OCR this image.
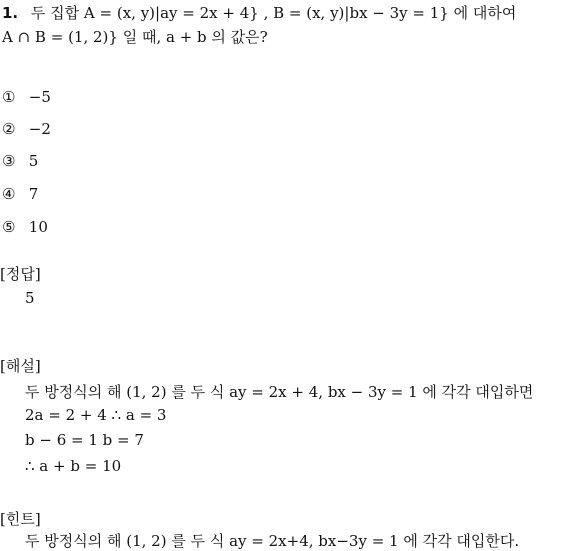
1. 두 집합 A = (x, y)|ay = 2x + 4} , B = (x, y)|bx − 3y = 1} 에 대하여
A ∩ B = (1, 2)} 일 때, a + b 의 값은?
① −5
② −2
③ 5
④ 7
⑤ 10
[정답]
5
[해설]
두 방정식의 해 (1, 2) 를 두 식 ay = 2x + 4, bx − 3y = 1 에 각각 대입하면
2a = 2 + 4 ∴ a = 3
b − 6 = 1 b = 7
∴ a + b = 10
[힌트]
두 방정식의 해 (1, 2) 를 두 식 ay = 2x+4, bx−3y = 1 에 각각 대입한다.
